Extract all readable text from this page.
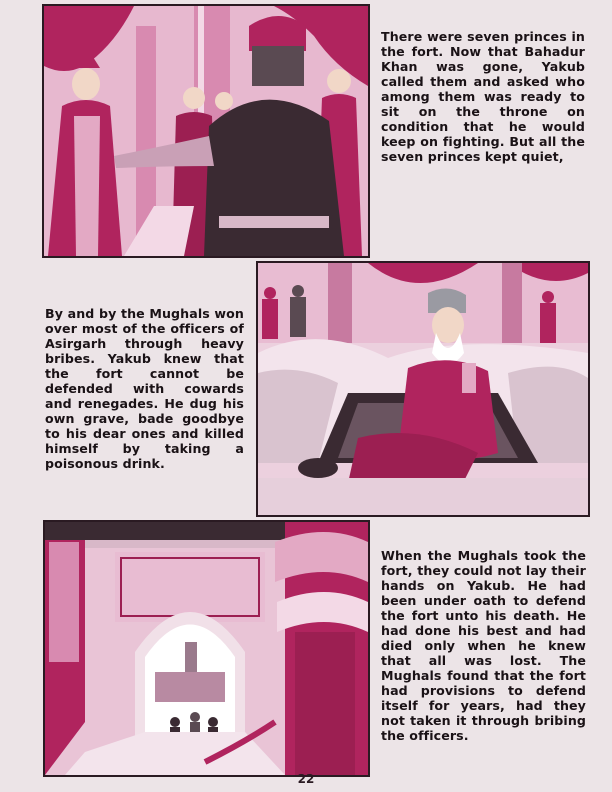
There were seven princes in the fort. Now that Bahadur Khan was gone, Yakub called them and asked who among them was ready to sit on the throne on condition that he would keep on fighting. But all the seven princes kept quiet,

By and by the Mughals won over most of the officers of Asirgarh through heavy bribes. Yakub knew that the fort cannot be defended with cowards and renegades. He dug his own grave, bade goodbye to his dear ones and killed himself by taking a poisonous drink.

When the Mughals took the fort, they could not lay their hands on Yakub. He had been under oath to defend the fort unto his death. He had done his best and had died only when he knew that all was lost. The Mughals found that the fort had provisions to defend itself for years, had they not taken it through bribing the officers.

22
